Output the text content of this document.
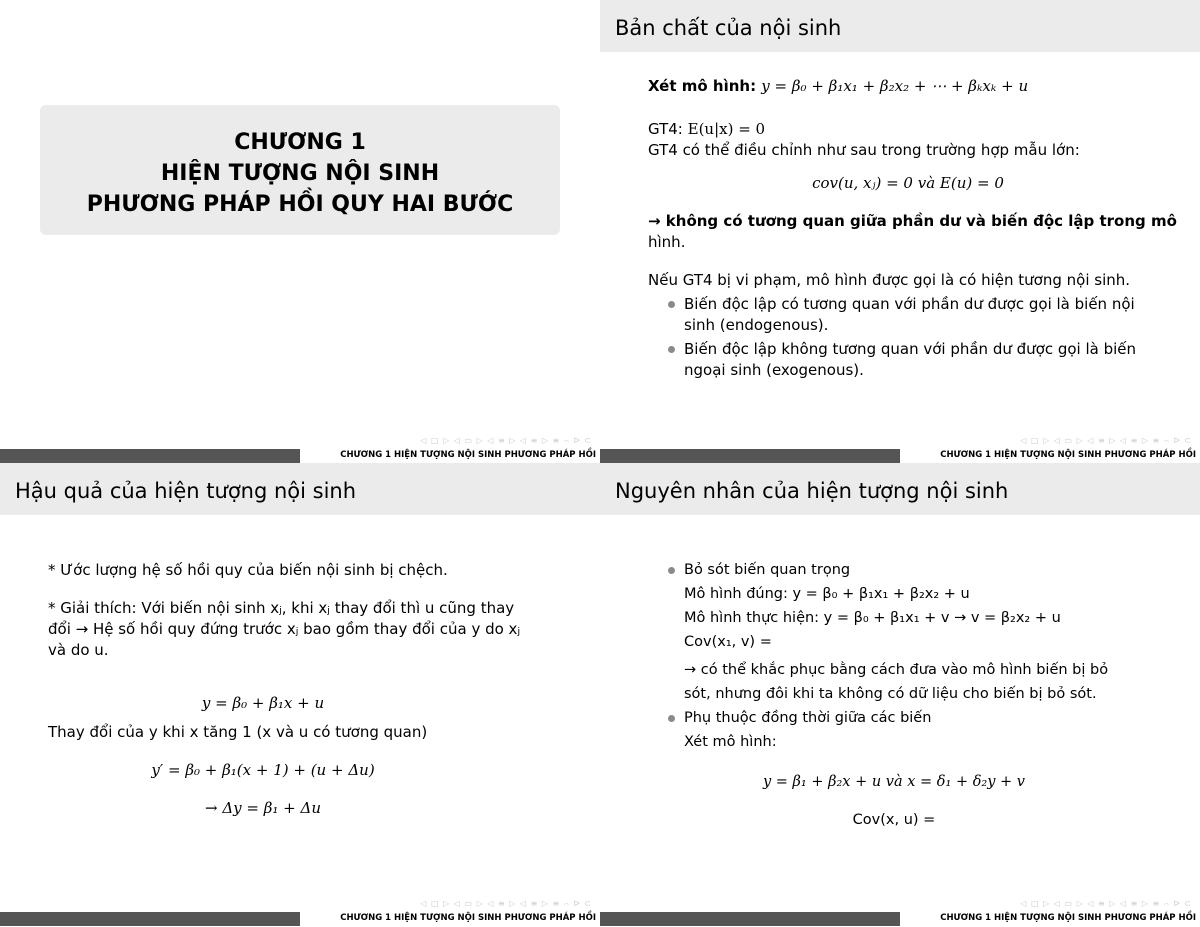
CHƯƠNG 1
HIỆN TƯỢNG NỘI SINH
PHƯƠNG PHÁP HỒI QUY HAI BƯỚC
◁ □ ▷ ◁ ▭ ▷ ◁ ≡ ▷ ◁ ≡ ▷ ≡ ⌢ ᐅ ⊂
CHƯƠNG 1 HIỆN TƯỢNG NỘI SINH PHƯƠNG PHÁP HỒI
Bản chất của nội sinh
Xét mô hình: y = β₀ + β₁x₁ + β₂x₂ + ⋯ + βₖxₖ + u
GT4: E(u|x) = 0
GT4 có thể điều chỉnh như sau trong trường hợp mẫu lớn:
cov(u, xⱼ) = 0 và E(u) = 0
→ không có tương quan giữa phần dư và biến độc lập trong mô
hình.
Nếu GT4 bị vi phạm, mô hình được gọi là có hiện tương nội sinh.
Biến độc lập có tương quan với phần dư được gọi là biến nội
sinh (endogenous).
Biến độc lập không tương quan với phần dư được gọi là biến
ngoại sinh (exogenous).
◁ □ ▷ ◁ ▭ ▷ ◁ ≡ ▷ ◁ ≡ ▷ ≡ ⌢ ᐅ ⊂
CHƯƠNG 1 HIỆN TƯỢNG NỘI SINH PHƯƠNG PHÁP HỒI
Hậu quả của hiện tượng nội sinh
* Ước lượng hệ số hồi quy của biến nội sinh bị chệch.
* Giải thích: Với biến nội sinh xⱼ, khi xⱼ thay đổi thì u cũng thay
đổi → Hệ số hồi quy đứng trước xⱼ bao gồm thay đổi của y do xⱼ
và do u.
y = β₀ + β₁x + u
Thay đổi của y khi x tăng 1 (x và u có tương quan)
y′ = β₀ + β₁(x + 1) + (u + Δu)
→ Δy = β₁ + Δu
◁ □ ▷ ◁ ▭ ▷ ◁ ≡ ▷ ◁ ≡ ▷ ≡ ⌢ ᐅ ⊂
CHƯƠNG 1 HIỆN TƯỢNG NỘI SINH PHƯƠNG PHÁP HỒI
Nguyên nhân của hiện tượng nội sinh
Bỏ sót biến quan trọng
Mô hình đúng: y = β₀ + β₁x₁ + β₂x₂ + u
Mô hình thực hiện: y = β₀ + β₁x₁ + v → v = β₂x₂ + u
Cov(x₁, v) =
→ có thể khắc phục bằng cách đưa vào mô hình biến bị bỏ
sót, nhưng đôi khi ta không có dữ liệu cho biến bị bỏ sót.
Phụ thuộc đồng thời giữa các biến
Xét mô hình:
y = β₁ + β₂x + u và x = δ₁ + δ₂y + v
Cov(x, u) =
◁ □ ▷ ◁ ▭ ▷ ◁ ≡ ▷ ◁ ≡ ▷ ≡ ⌢ ᐅ ⊂
CHƯƠNG 1 HIỆN TƯỢNG NỘI SINH PHƯƠNG PHÁP HỒI
